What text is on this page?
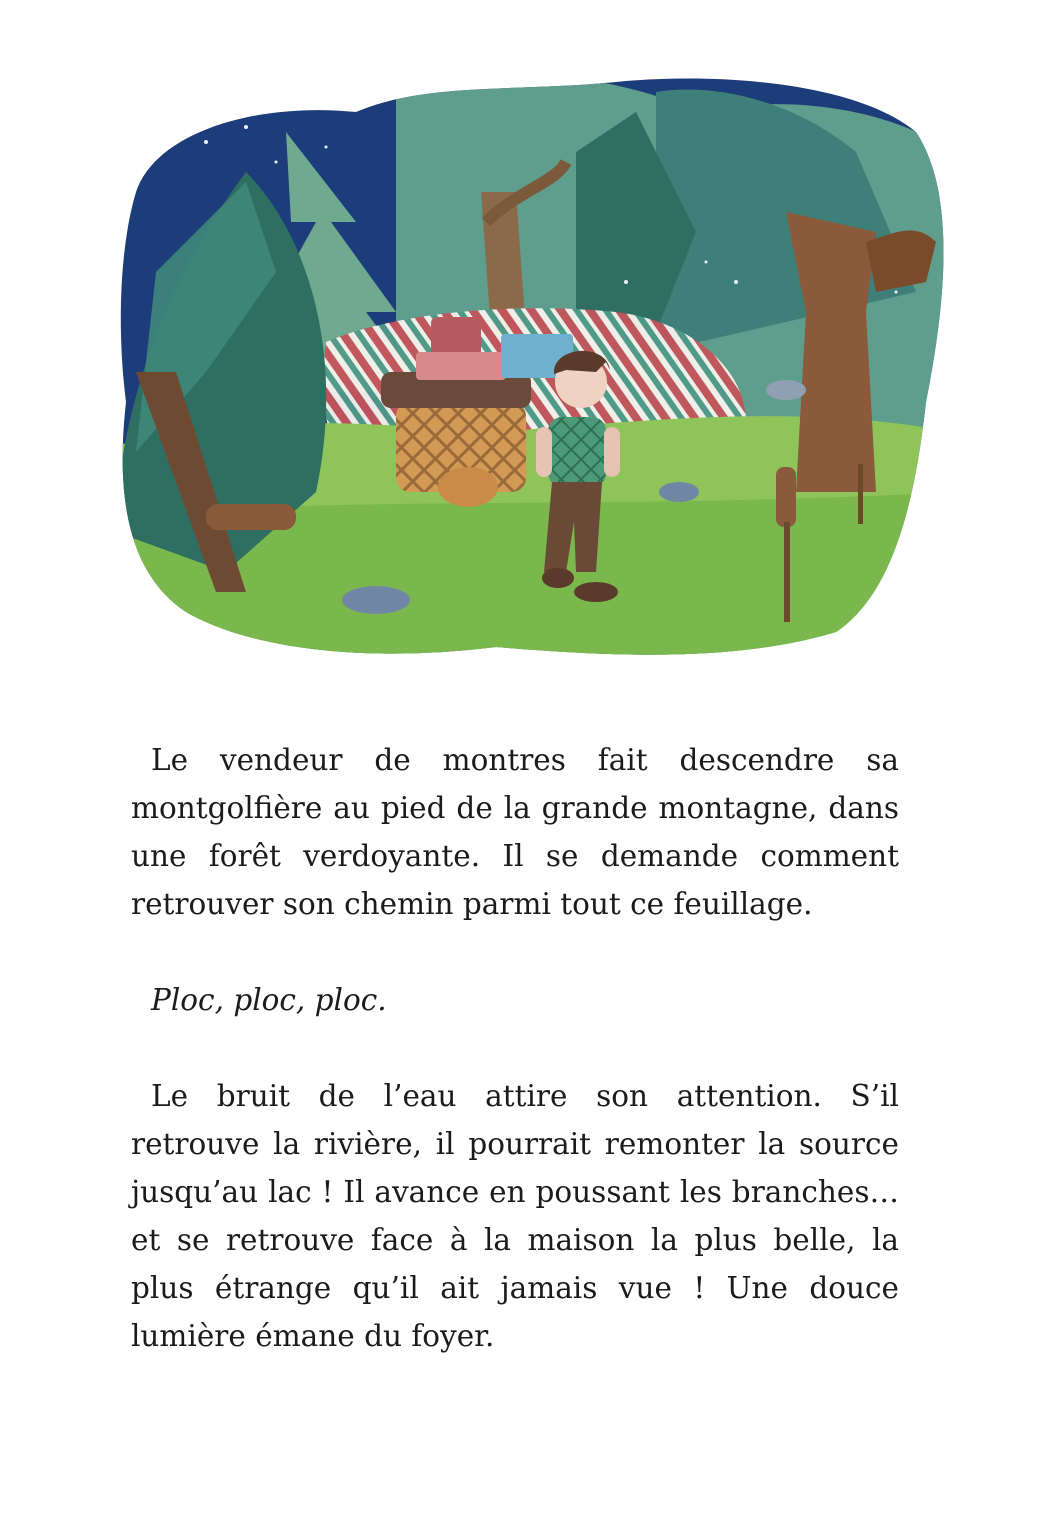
Le vendeur de montres fait descendre sa montgolfière au pied de la grande montagne, dans une forêt verdoyante. Il se demande comment retrouver son chemin parmi tout ce feuillage.

Ploc, ploc, ploc.

Le bruit de l’eau attire son attention. S’il retrouve la rivière, il pourrait remonter la source jusqu’au lac ! Il avance en poussant les branches… et se retrouve face à la maison la plus belle, la plus étrange qu’il ait jamais vue ! Une douce lumière émane du foyer.
